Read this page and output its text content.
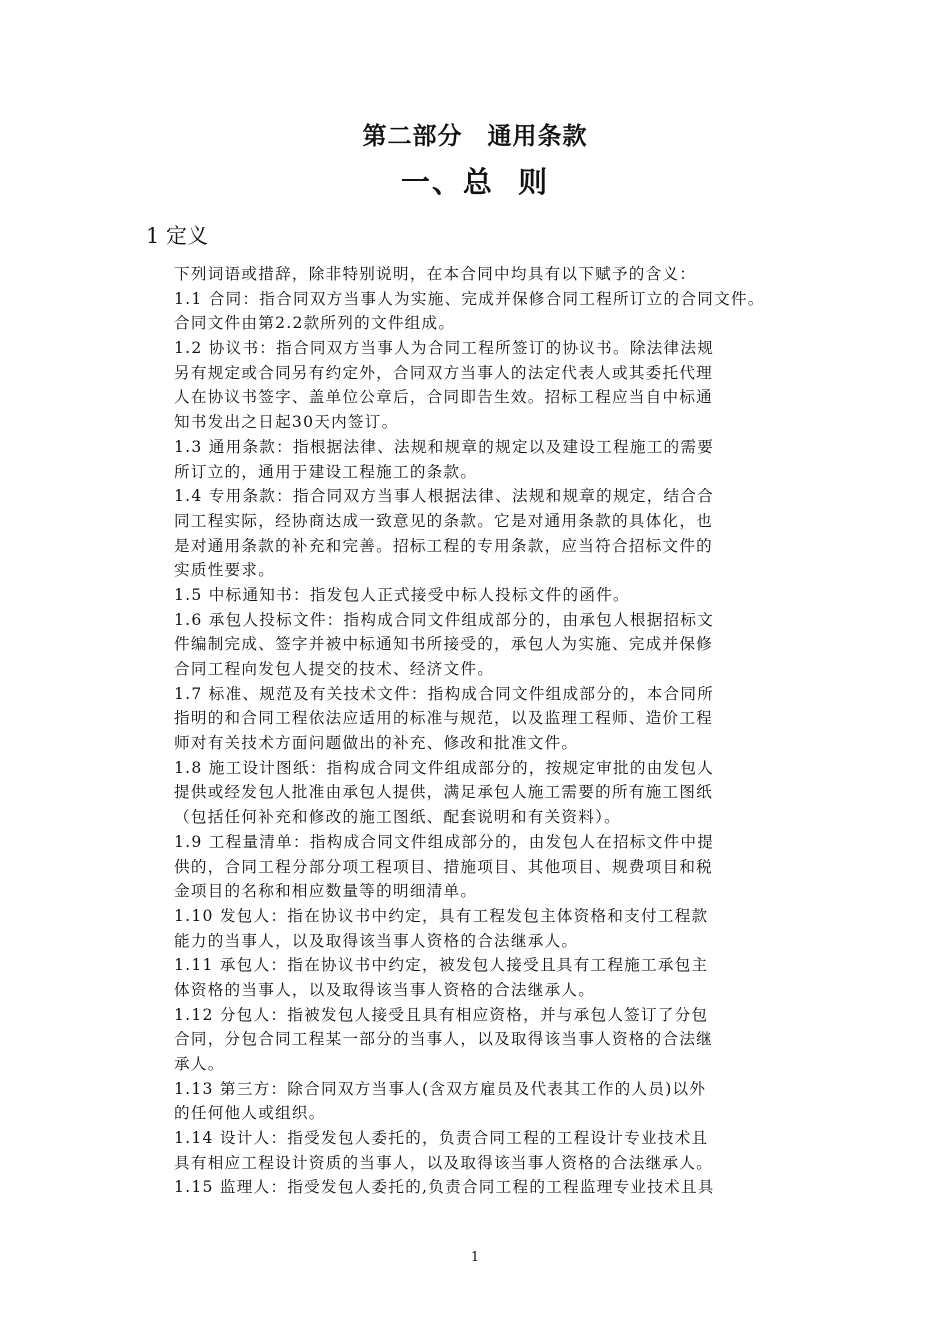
第二部分　通用条款
一、总  则
1 定义
下列词语或措辞，除非特别说明，在本合同中均具有以下赋予的含义：
1.1 合同：指合同双方当事人为实施、完成并保修合同工程所订立的合同文件。
合同文件由第2.2款所列的文件组成。
1.2 协议书：指合同双方当事人为合同工程所签订的协议书。除法律法规
另有规定或合同另有约定外，合同双方当事人的法定代表人或其委托代理
人在协议书签字、盖单位公章后，合同即告生效。招标工程应当自中标通
知书发出之日起30天内签订。
1.3 通用条款：指根据法律、法规和规章的规定以及建设工程施工的需要
所订立的，通用于建设工程施工的条款。
1.4 专用条款：指合同双方当事人根据法律、法规和规章的规定，结合合
同工程实际，经协商达成一致意见的条款。它是对通用条款的具体化，也
是对通用条款的补充和完善。招标工程的专用条款，应当符合招标文件的
实质性要求。
1.5 中标通知书：指发包人正式接受中标人投标文件的函件。
1.6 承包人投标文件：指构成合同文件组成部分的，由承包人根据招标文
件编制完成、签字并被中标通知书所接受的，承包人为实施、完成并保修
合同工程向发包人提交的技术、经济文件。
1.7 标准、规范及有关技术文件：指构成合同文件组成部分的，本合同所
指明的和合同工程依法应适用的标准与规范，以及监理工程师、造价工程
师对有关技术方面问题做出的补充、修改和批准文件。
1.8 施工设计图纸：指构成合同文件组成部分的，按规定审批的由发包人
提供或经发包人批准由承包人提供，满足承包人施工需要的所有施工图纸
（包括任何补充和修改的施工图纸、配套说明和有关资料）。
1.9 工程量清单：指构成合同文件组成部分的，由发包人在招标文件中提
供的，合同工程分部分项工程项目、措施项目、其他项目、规费项目和税
金项目的名称和相应数量等的明细清单。
1.10 发包人：指在协议书中约定，具有工程发包主体资格和支付工程款
能力的当事人，以及取得该当事人资格的合法继承人。
1.11 承包人：指在协议书中约定，被发包人接受且具有工程施工承包主
体资格的当事人，以及取得该当事人资格的合法继承人。
1.12 分包人：指被发包人接受且具有相应资格，并与承包人签订了分包
合同，分包合同工程某一部分的当事人，以及取得该当事人资格的合法继
承人。
1.13 第三方：除合同双方当事人(含双方雇员及代表其工作的人员)以外
的任何他人或组织。
1.14 设计人：指受发包人委托的，负责合同工程的工程设计专业技术且
具有相应工程设计资质的当事人，以及取得该当事人资格的合法继承人。
1.15 监理人：指受发包人委托的,负责合同工程的工程监理专业技术且具
1
